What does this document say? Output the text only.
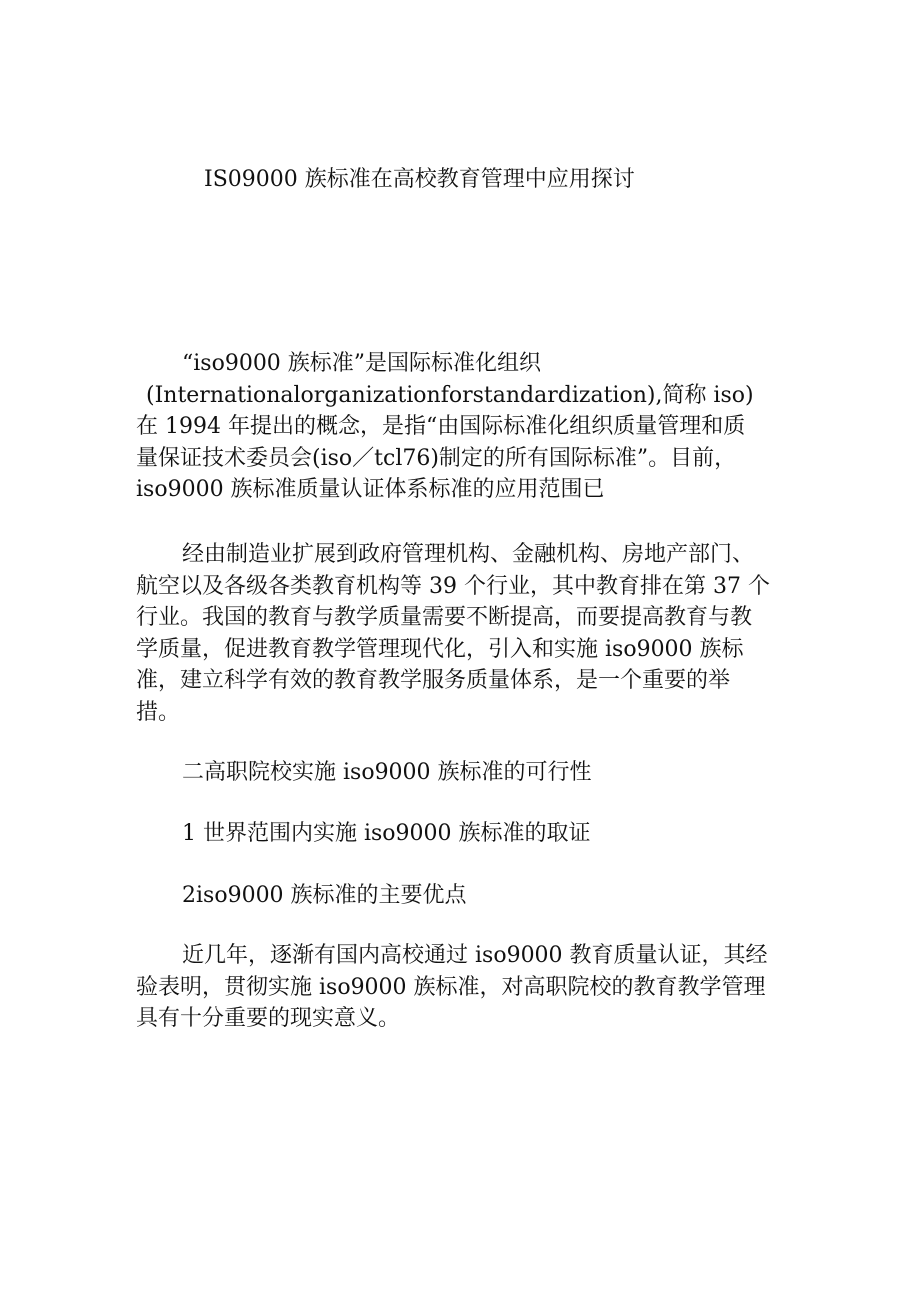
IS09000 族标准在高校教育管理中应用探讨
“iso9000 族标准”是国际标准化组织
(Internationalorganizationforstandardization),简称 iso)
在 1994 年提出的概念，是指“由国际标准化组织质量管理和质
量保证技术委员会(iso／tcl76)制定的所有国际标准”。目前，
iso9000 族标准质量认证体系标准的应用范围已
经由制造业扩展到政府管理机构、金融机构、房地产部门、
航空以及各级各类教育机构等 39 个行业，其中教育排在第 37 个
行业。我国的教育与教学质量需要不断提高，而要提高教育与教
学质量，促进教育教学管理现代化，引入和实施 iso9000 族标
准，建立科学有效的教育教学服务质量体系，是一个重要的举
措。
二高职院校实施 iso9000 族标准的可行性
1 世界范围内实施 iso9000 族标准的取证
2iso9000 族标准的主要优点
近几年，逐渐有国内高校通过 iso9000 教育质量认证，其经
验表明，贯彻实施 iso9000 族标准，对高职院校的教育教学管理
具有十分重要的现实意义。
